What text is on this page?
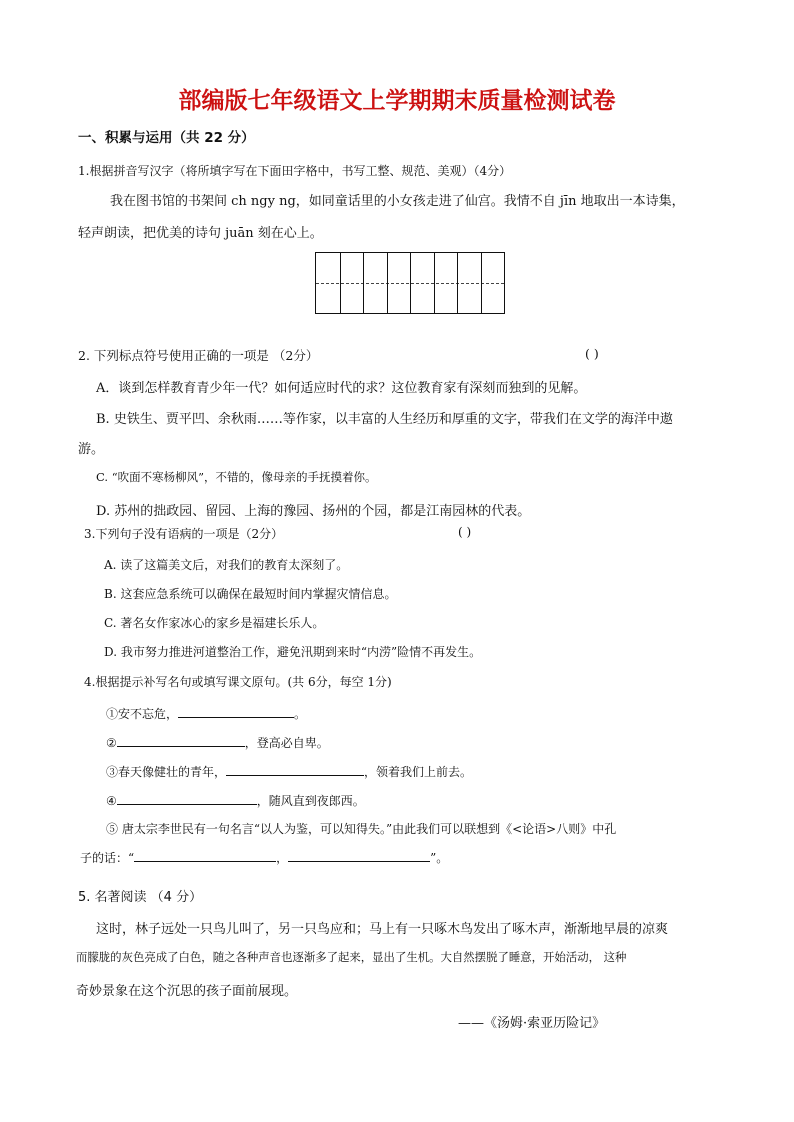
部编版七年级语文上学期期末质量检测试卷
一、积累与运用（共 22 分）
1.根据拼音写汉字（将所填字写在下面田字格中，书写工整、规范、美观）（4分）
我在图书馆的书架间 ch ngy ng，如同童话里的小女孩走进了仙宫。我情不自 jīn 地取出一本诗集，
轻声朗读，把优美的诗句 juān 刻在心上。
2. 下列标点符号使用正确的一项是 （2分）	( )
A．谈到怎样教育青少年一代？如何适应时代的求？这位教育家有深刻而独到的见解。
B. 史铁生、贾平凹、余秋雨……等作家，以丰富的人生经历和厚重的文字，带我们在文学的海洋中遨
游。
C. “吹面不寒杨柳风”，不错的，像母亲的手抚摸着你。
D. 苏州的拙政园、留园、上海的豫园、扬州的个园，都是江南园林的代表。
3.下列句子没有语病的一项是（2分）	( )
A. 读了这篇美文后，对我们的教育太深刻了。
B. 这套应急系统可以确保在最短时间内掌握灾情信息。
C. 著名女作家冰心的家乡是福建长乐人。
D. 我市努力推进河道整治工作，避免汛期到来时“内涝”险情不再发生。
4.根据提示补写名句或填写课文原句。(共 6分，每空 1分)
①安不忘危，	。
②	，登高必自卑。
③春天像健壮的青年，	，领着我们上前去。
④	，随风直到夜郎西。
⑤ 唐太宗李世民有一句名言“以人为鉴，可以知得失。”由此我们可以联想到《<论语>八则》中孔
子的话：“	，	”。
5. 名著阅读 （4 分）
这时，林子远处一只鸟儿叫了，另一只鸟应和；马上有一只啄木鸟发出了啄木声，渐渐地早晨的凉爽
而朦胧的灰色亮成了白色，随之各种声音也逐渐多了起来，显出了生机。大自然摆脱了睡意，开始活动， 这种
奇妙景象在这个沉思的孩子面前展现。
——《汤姆·索亚历险记》
